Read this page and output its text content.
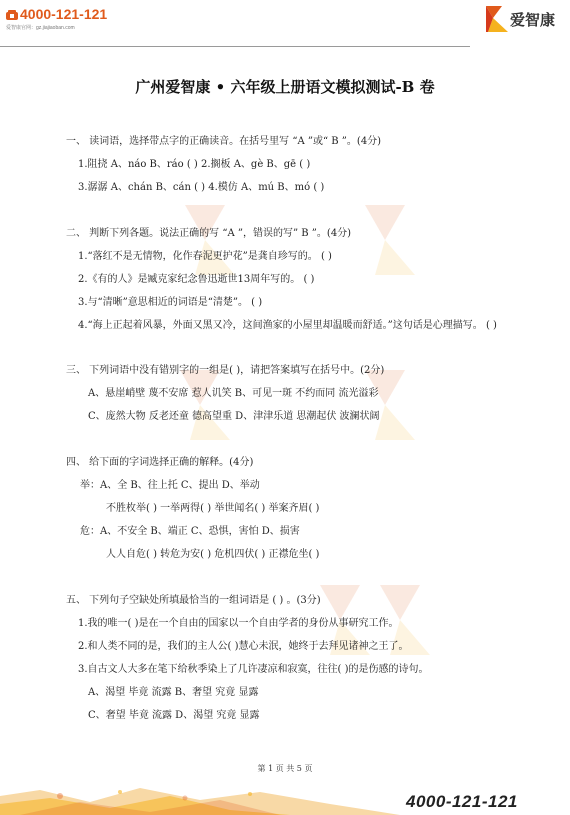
4000-121-121
爱智康官网：gz.jiajiaoban.com	爱智康
广州爱智康 • 六年级上册语文模拟测试-B 卷
一、 读词语，选择带点字的正确读音。在括号里写 “A ”或“ B ”。(4分)
1.阻挠 A、náo B、ráo ( ) 2.搁板 A、gè B、gē ( )
3.潺潺 A、chán B、cán ( ) 4.模仿 A、mú B、mó ( )
二、 判断下列各题。说法正确的写 “A ”，错误的写” B ”。(4分)
1.“落红不是无情物，化作春泥更护花”是龚自珍写的。 ( )
2.《有的人》是臧克家纪念鲁迅逝世13周年写的。 ( )
3.与“清晰”意思相近的词语是“清楚”。 ( )
4.“海上正起着风暴，外面又黑又冷，这间渔家的小屋里却温暖而舒适。”这句话是心理描写。 ( )
三、 下列词语中没有错别字的一组是( )，请把答案填写在括号中。(2分)
A、悬崖峭壁 蔑不安席 惹人讥笑 B、可见一斑 不约而同 流光溢彩
C、庞然大物 反老还童 德高望重 D、津津乐道 思潮起伏 波澜状阔
四、 给下面的字词选择正确的解释。(4分)
举：A、全 B、往上托 C、提出 D、举动
不胜枚举( ) 一举两得( ) 举世闻名( ) 举案齐眉( )
危：A、不安全 B、端正 C、恐惧，害怕 D、损害
人人自危( ) 转危为安( ) 危机四伏( ) 正襟危坐( )
五、 下列句子空缺处所填最恰当的一组词语是 ( ) 。(3分)
1.我的唯一( )是在一个自由的国家以一个自由学者的身份从事研究工作。
2.和人类不同的是，我们的主人公( )慧心未泯，她终于去拜见诸神之王了。
3.自古文人大多在笔下给秋季染上了几许凄凉和寂寞，往往( )的是伤感的诗句。
A、渴望 毕竟 流露 B、奢望 究竟 显露
C、奢望 毕竟 流露 D、渴望 究竟 显露
第 1 页 共 5 页
4000-121-121
